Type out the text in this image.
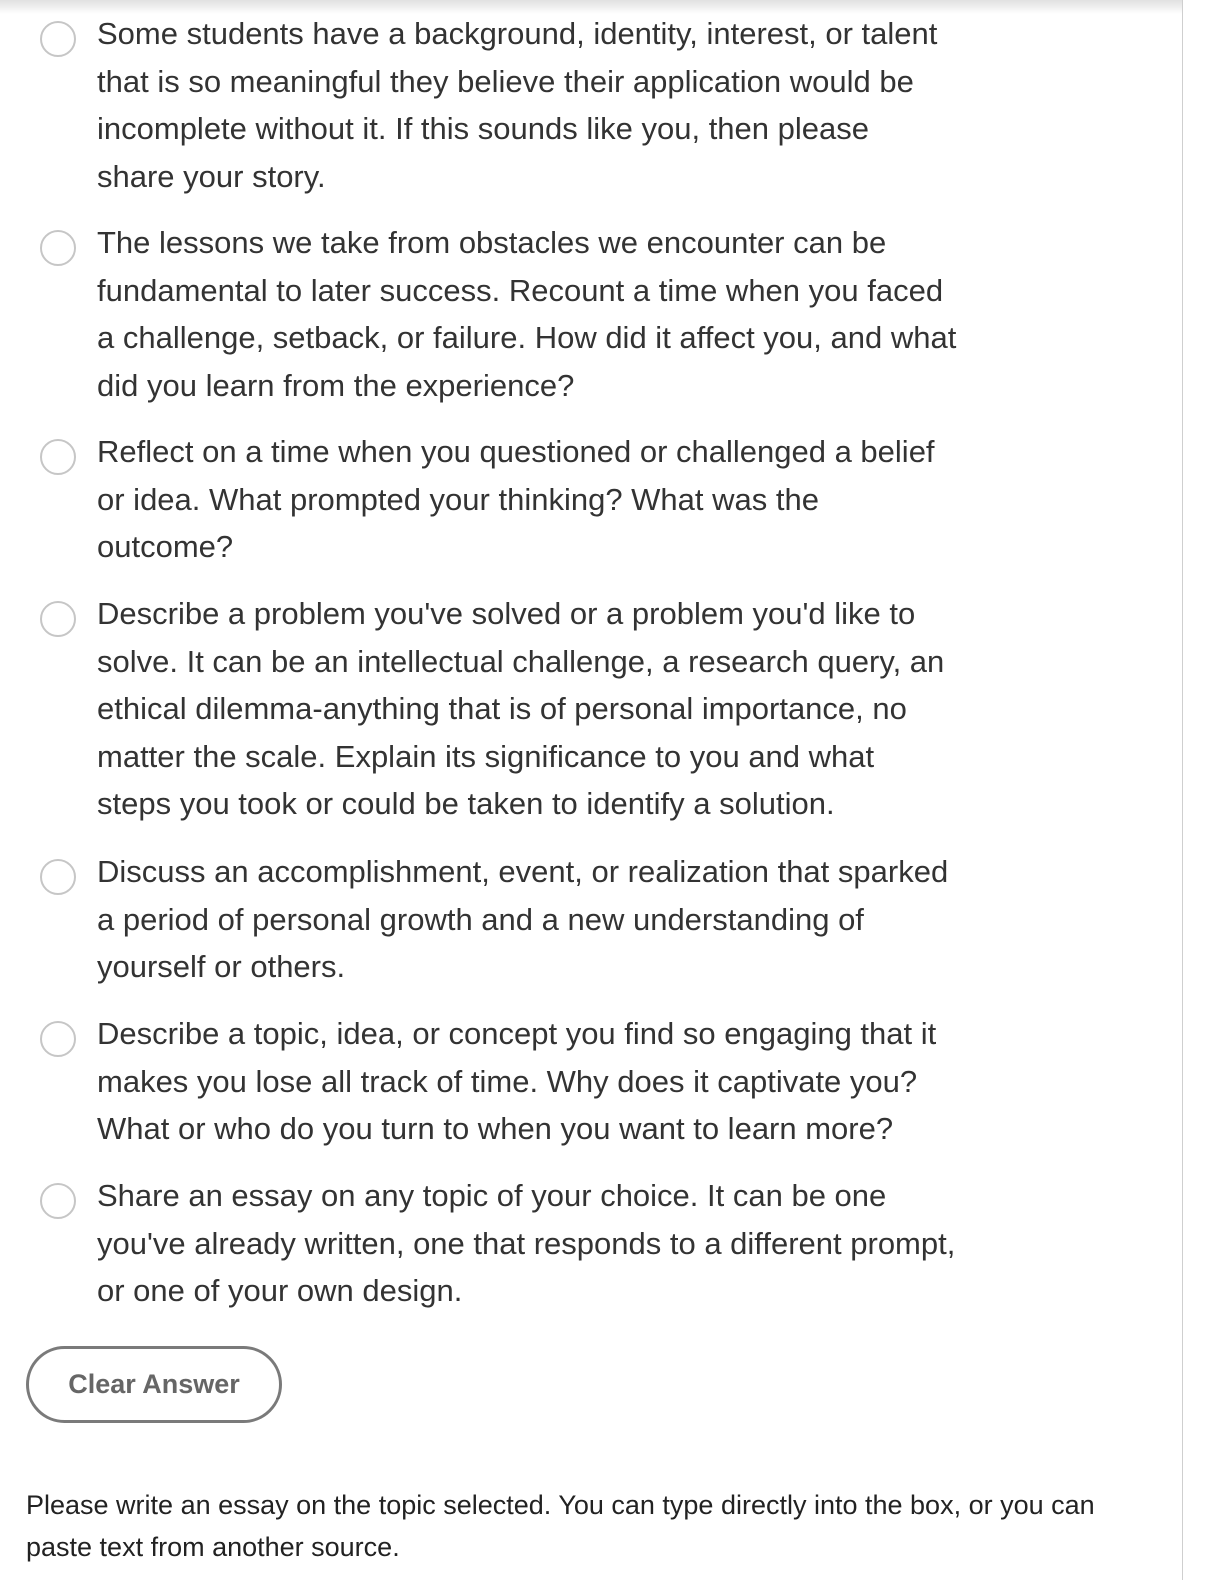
Some students have a background, identity, interest, or talent
that is so meaningful they believe their application would be
incomplete without it. If this sounds like you, then please
share your story.
The lessons we take from obstacles we encounter can be
fundamental to later success. Recount a time when you faced
a challenge, setback, or failure. How did it affect you, and what
did you learn from the experience?
Reflect on a time when you questioned or challenged a belief
or idea. What prompted your thinking? What was the
outcome?
Describe a problem you've solved or a problem you'd like to
solve. It can be an intellectual challenge, a research query, an
ethical dilemma-anything that is of personal importance, no
matter the scale. Explain its significance to you and what
steps you took or could be taken to identify a solution.
Discuss an accomplishment, event, or realization that sparked
a period of personal growth and a new understanding of
yourself or others.
Describe a topic, idea, or concept you find so engaging that it
makes you lose all track of time. Why does it captivate you?
What or who do you turn to when you want to learn more?
Share an essay on any topic of your choice. It can be one
you've already written, one that responds to a different prompt,
or one of your own design.
Clear Answer

Please write an essay on the topic selected. You can type directly into the box, or you can
paste text from another source.
